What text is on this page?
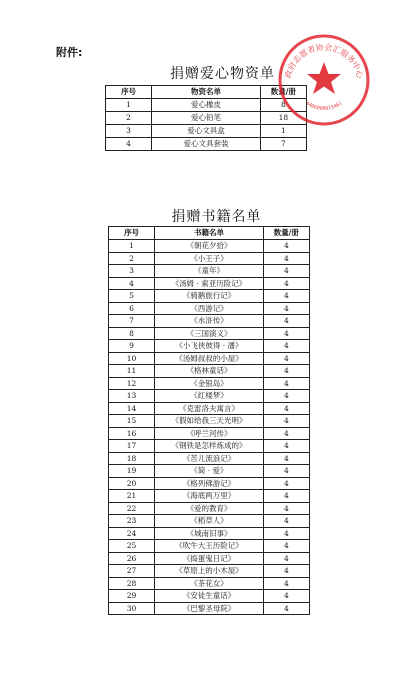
附件:
捐赠爱心物资单
序号	物资名单	数量/册
1	爱心橡皮	8
2	爱心铅笔	18
3	爱心文具盒	1
4	爱心文具套装	7
捐赠书籍名单
序号	书籍名单	数量/册
1	《朝花夕拾》	4
2	《小王子》	4
3	《童年》	4
4	《汤姆 · 索亚历险记》	4
5	《骑鹅旅行记》	4
6	《西游记》	4
7	《水浒传》	4
8	《三国演义》	4
9	《小飞侠彼得 · 潘》	4
10	《汤姆叔叔的小屋》	4
11	《格林童话》	4
12	《金银岛》	4
13	《红楼梦》	4
14	《克雷洛夫寓言》	4
15	《假如给我三天光明》	4
16	《呼兰河传》	4
17	《钢铁是怎样炼成的》	4
18	《苦儿流浪记》	4
19	《简 · 爱》	4
20	《格列佛游记》	4
21	《海底两万里》	4
22	《爱的教育》	4
23	《稻草人》	4
24	《城南旧事》	4
25	《吹牛大王历险记》	4
26	《捣蛋鬼日记》	4
27	《草原上的小木屋》	4
28	《茶花女》	4
29	《安徒生童话》	4
30	《巴黎圣母院》	4
政府志愿者协会汇服务中心
4406000015461
